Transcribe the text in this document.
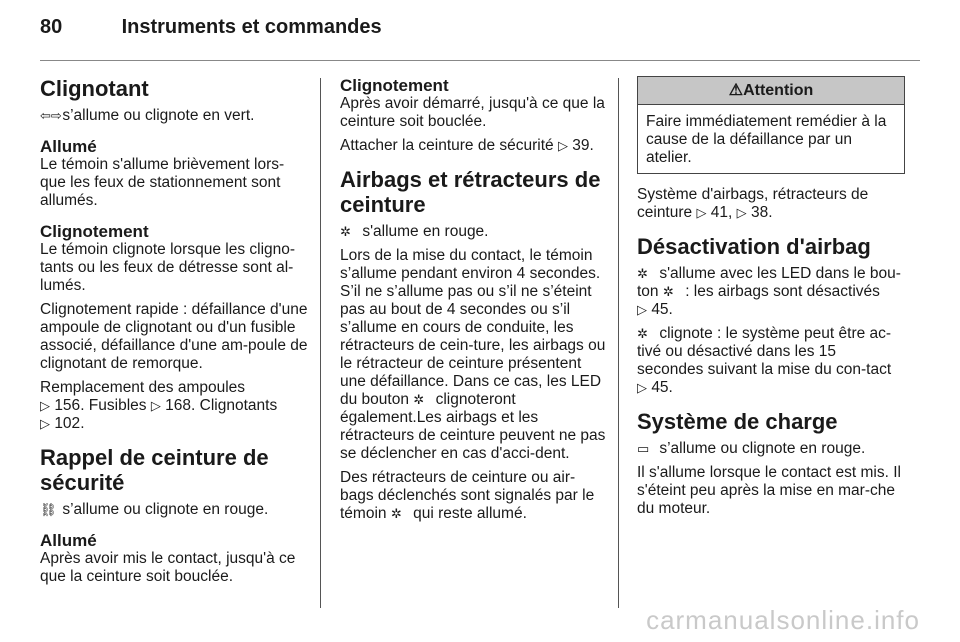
80	Instruments et commandes
Clignotant

⇦⇨ s’allume ou clignote en vert.

Allumé

Le témoin s'allume brièvement lors-que les feux de stationnement sont allumés.

Clignotement

Le témoin clignote lorsque les cligno-tants ou les feux de détresse sont al-lumés.

Clignotement rapide : défaillance d'une ampoule de clignotant ou d'un fusible associé, défaillance d'une am-poule de clignotant de remorque.

Remplacement des ampoules
▷ 156. Fusibles ▷ 168. Clignotants
▷ 102.

Rappel de ceinture de sécurité

⛓ s’allume ou clignote en rouge.

Allumé

Après avoir mis le contact, jusqu'à ce que la ceinture soit bouclée.

Clignotement

Après avoir démarré, jusqu'à ce que la ceinture soit bouclée.

Attacher la ceinture de sécurité ▷ 39.

Airbags et rétracteurs de ceinture

✲ s'allume en rouge.

Lors de la mise du contact, le témoin s’allume pendant environ 4 secondes. S’il ne s’allume pas ou s’il ne s’éteint pas au bout de 4 secondes ou s’il s’allume en cours de conduite, les rétracteurs de cein-ture, les airbags ou le rétracteur de ceinture présentent une défaillance. Dans ce cas, les LED du bouton ✲ clignoteront également.Les airbags et les rétracteurs de ceinture peuvent ne pas se déclencher en cas d'acci-dent.

Des rétracteurs de ceinture ou air-bags déclenchés sont signalés par le témoin ✲ qui reste allumé.

⚠Attention
Faire immédiatement remédier à la cause de la défaillance par un atelier.

Système d'airbags, rétracteurs de ceinture ▷ 41, ▷ 38.

Désactivation d'airbag

✲ s'allume avec les LED dans le bou-ton ✲ : les airbags sont désactivés
▷ 45.

✲ clignote : le système peut être ac-tivé ou désactivé dans les 15 secondes suivant la mise du con-tact ▷ 45.

Système de charge

▭ s’allume ou clignote en rouge.

Il s'allume lorsque le contact est mis. Il s'éteint peu après la mise en mar-che du moteur.

carmanualsonline.info
